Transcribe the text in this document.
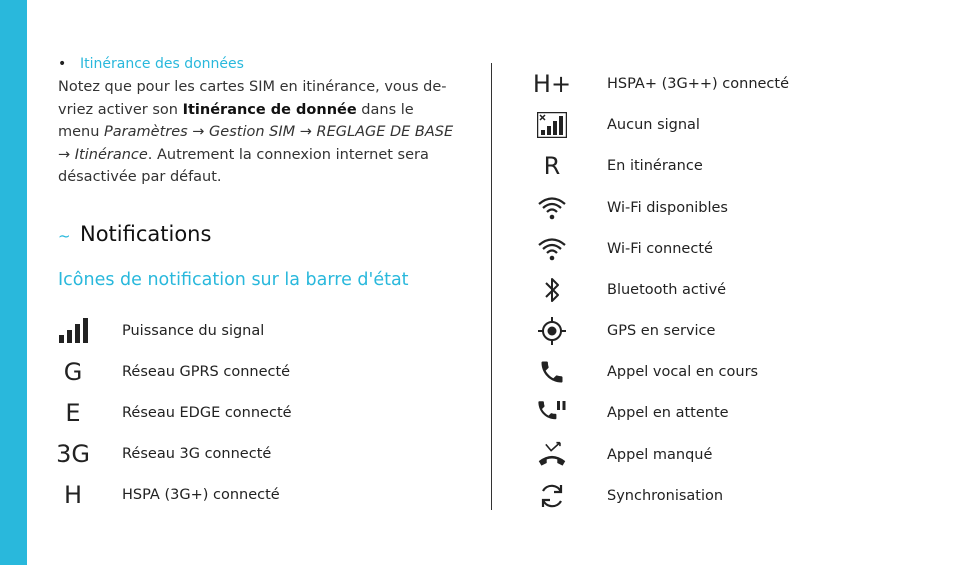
• Itinérance des données
Notez que pour les cartes SIM en itinérance, vous de-vriez activer son Itinérance de donnée dans le menu Paramètres → Gestion SIM → REGLAGE DE BASE → Itinérance. Autrement la connexion internet sera désactivée par défaut.
~ Notifications
Icônes de notification sur la barre d'état
Puissance du signal
G	Réseau GPRS connecté
E	Réseau EDGE connecté
3G Réseau 3G connecté
H	HSPA (3G+) connecté
H+ HSPA+ (3G++) connecté
Aucun signal
R	En itinérance
Wi-Fi disponibles
Wi-Fi connecté
Bluetooth activé
GPS en service
Appel vocal en cours
Appel en attente
Appel manqué
Synchronisation
